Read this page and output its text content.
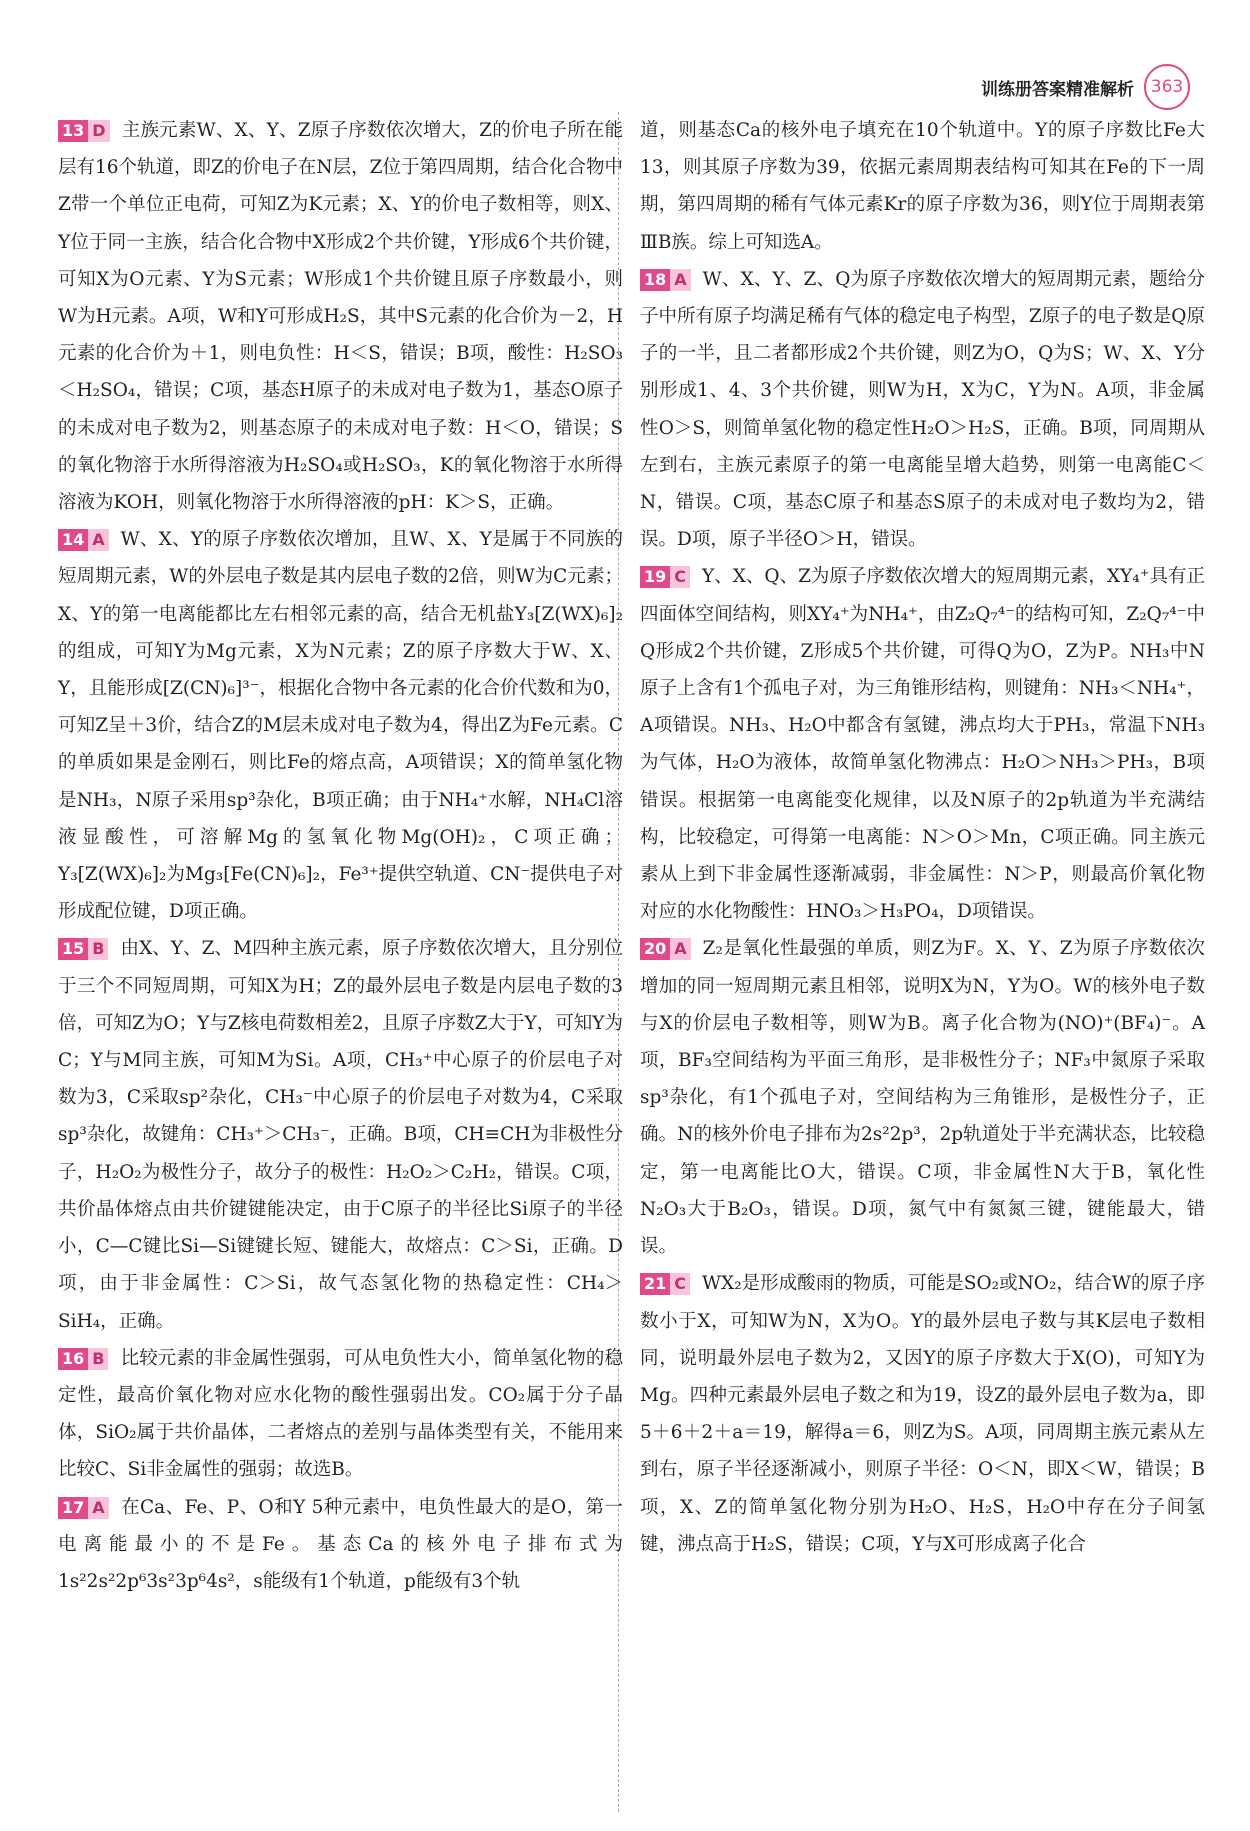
训练册答案精准解析 363

13 D 主族元素W、X、Y、Z原子序数依次增大，Z的价电子所在能层有16个轨道，即Z的价电子在N层，Z位于第四周期，结合化合物中Z带一个单位正电荷，可知Z为K元素；X、Y的价电子数相等，则X、Y位于同一主族，结合化合物中X形成2个共价键，Y形成6个共价键，可知X为O元素、Y为S元素；W形成1个共价键且原子序数最小，则W为H元素。A项，W和Y可形成H₂S，其中S元素的化合价为－2，H元素的化合价为＋1，则电负性：H＜S，错误；B项，酸性：H₂SO₃＜H₂SO₄，错误；C项，基态H原子的未成对电子数为1，基态O原子的未成对电子数为2，则基态原子的未成对电子数：H＜O，错误；S的氧化物溶于水所得溶液为H₂SO₄或H₂SO₃，K的氧化物溶于水所得溶液为KOH，则氧化物溶于水所得溶液的pH：K＞S，正确。

14 A W、X、Y的原子序数依次增加，且W、X、Y是属于不同族的短周期元素，W的外层电子数是其内层电子数的2倍，则W为C元素；X、Y的第一电离能都比左右相邻元素的高，结合无机盐Y₃[Z(WX)₆]₂的组成，可知Y为Mg元素，X为N元素；Z的原子序数大于W、X、Y，且能形成[Z(CN)₆]³⁻，根据化合物中各元素的化合价代数和为0，可知Z呈＋3价，结合Z的M层未成对电子数为4，得出Z为Fe元素。C的单质如果是金刚石，则比Fe的熔点高，A项错误；X的简单氢化物是NH₃，N原子采用sp³杂化，B项正确；由于NH₄⁺水解，NH₄Cl溶液显酸性，可溶解Mg的氢氧化物Mg(OH)₂，C项正确；Y₃[Z(WX)₆]₂为Mg₃[Fe(CN)₆]₂，Fe³⁺提供空轨道、CN⁻提供电子对形成配位键，D项正确。

15 B 由X、Y、Z、M四种主族元素，原子序数依次增大，且分别位于三个不同短周期，可知X为H；Z的最外层电子数是内层电子数的3倍，可知Z为O；Y与Z核电荷数相差2，且原子序数Z大于Y，可知Y为C；Y与M同主族，可知M为Si。A项，CH₃⁺中心原子的价层电子对数为3，C采取sp²杂化，CH₃⁻中心原子的价层电子对数为4，C采取sp³杂化，故键角：CH₃⁺＞CH₃⁻，正确。B项，CH≡CH为非极性分子，H₂O₂为极性分子，故分子的极性：H₂O₂＞C₂H₂，错误。C项，共价晶体熔点由共价键键能决定，由于C原子的半径比Si原子的半径小，C—C键比Si—Si键键长短、键能大，故熔点：C＞Si，正确。D项，由于非金属性：C＞Si，故气态氢化物的热稳定性：CH₄＞SiH₄，正确。

16 B 比较元素的非金属性强弱，可从电负性大小，简单氢化物的稳定性，最高价氧化物对应水化物的酸性强弱出发。CO₂属于分子晶体，SiO₂属于共价晶体，二者熔点的差别与晶体类型有关，不能用来比较C、Si非金属性的强弱；故选B。

17 A 在Ca、Fe、P、O和Y 5种元素中，电负性最大的是O，第一电离能最小的不是Fe。基态Ca的核外电子排布式为1s²2s²2p⁶3s²3p⁶4s²，s能级有1个轨道，p能级有3个轨

道，则基态Ca的核外电子填充在10个轨道中。Y的原子序数比Fe大13，则其原子序数为39，依据元素周期表结构可知其在Fe的下一周期，第四周期的稀有气体元素Kr的原子序数为36，则Y位于周期表第ⅢB族。综上可知选A。

18 A W、X、Y、Z、Q为原子序数依次增大的短周期元素，题给分子中所有原子均满足稀有气体的稳定电子构型，Z原子的电子数是Q原子的一半，且二者都形成2个共价键，则Z为O，Q为S；W、X、Y分别形成1、4、3个共价键，则W为H，X为C，Y为N。A项，非金属性O＞S，则简单氢化物的稳定性H₂O＞H₂S，正确。B项，同周期从左到右，主族元素原子的第一电离能呈增大趋势，则第一电离能C＜N，错误。C项，基态C原子和基态S原子的未成对电子数均为2，错误。D项，原子半径O＞H，错误。

19 C Y、X、Q、Z为原子序数依次增大的短周期元素，XY₄⁺具有正四面体空间结构，则XY₄⁺为NH₄⁺，由Z₂Q₇⁴⁻的结构可知，Z₂Q₇⁴⁻中Q形成2个共价键，Z形成5个共价键，可得Q为O，Z为P。NH₃中N原子上含有1个孤电子对，为三角锥形结构，则键角：NH₃＜NH₄⁺，A项错误。NH₃、H₂O中都含有氢键，沸点均大于PH₃，常温下NH₃为气体，H₂O为液体，故简单氢化物沸点：H₂O＞NH₃＞PH₃，B项错误。根据第一电离能变化规律，以及N原子的2p轨道为半充满结构，比较稳定，可得第一电离能：N＞O＞Mn，C项正确。同主族元素从上到下非金属性逐渐减弱，非金属性：N＞P，则最高价氧化物对应的水化物酸性：HNO₃＞H₃PO₄，D项错误。

20 A Z₂是氧化性最强的单质，则Z为F。X、Y、Z为原子序数依次增加的同一短周期元素且相邻，说明X为N，Y为O。W的核外电子数与X的价层电子数相等，则W为B。离子化合物为(NO)⁺(BF₄)⁻。A项，BF₃空间结构为平面三角形，是非极性分子；NF₃中氮原子采取sp³杂化，有1个孤电子对，空间结构为三角锥形，是极性分子，正确。N的核外价电子排布为2s²2p³，2p轨道处于半充满状态，比较稳定，第一电离能比O大，错误。C项，非金属性N大于B，氧化性N₂O₃大于B₂O₃，错误。D项，氮气中有氮氮三键，键能最大，错误。

21 C WX₂是形成酸雨的物质，可能是SO₂或NO₂，结合W的原子序数小于X，可知W为N，X为O。Y的最外层电子数与其K层电子数相同，说明最外层电子数为2，又因Y的原子序数大于X(O)，可知Y为Mg。四种元素最外层电子数之和为19，设Z的最外层电子数为a，即5＋6＋2＋a＝19，解得a＝6，则Z为S。A项，同周期主族元素从左到右，原子半径逐渐减小，则原子半径：O＜N，即X＜W，错误；B项，X、Z的简单氢化物分别为H₂O、H₂S，H₂O中存在分子间氢键，沸点高于H₂S，错误；C项，Y与X可形成离子化合
